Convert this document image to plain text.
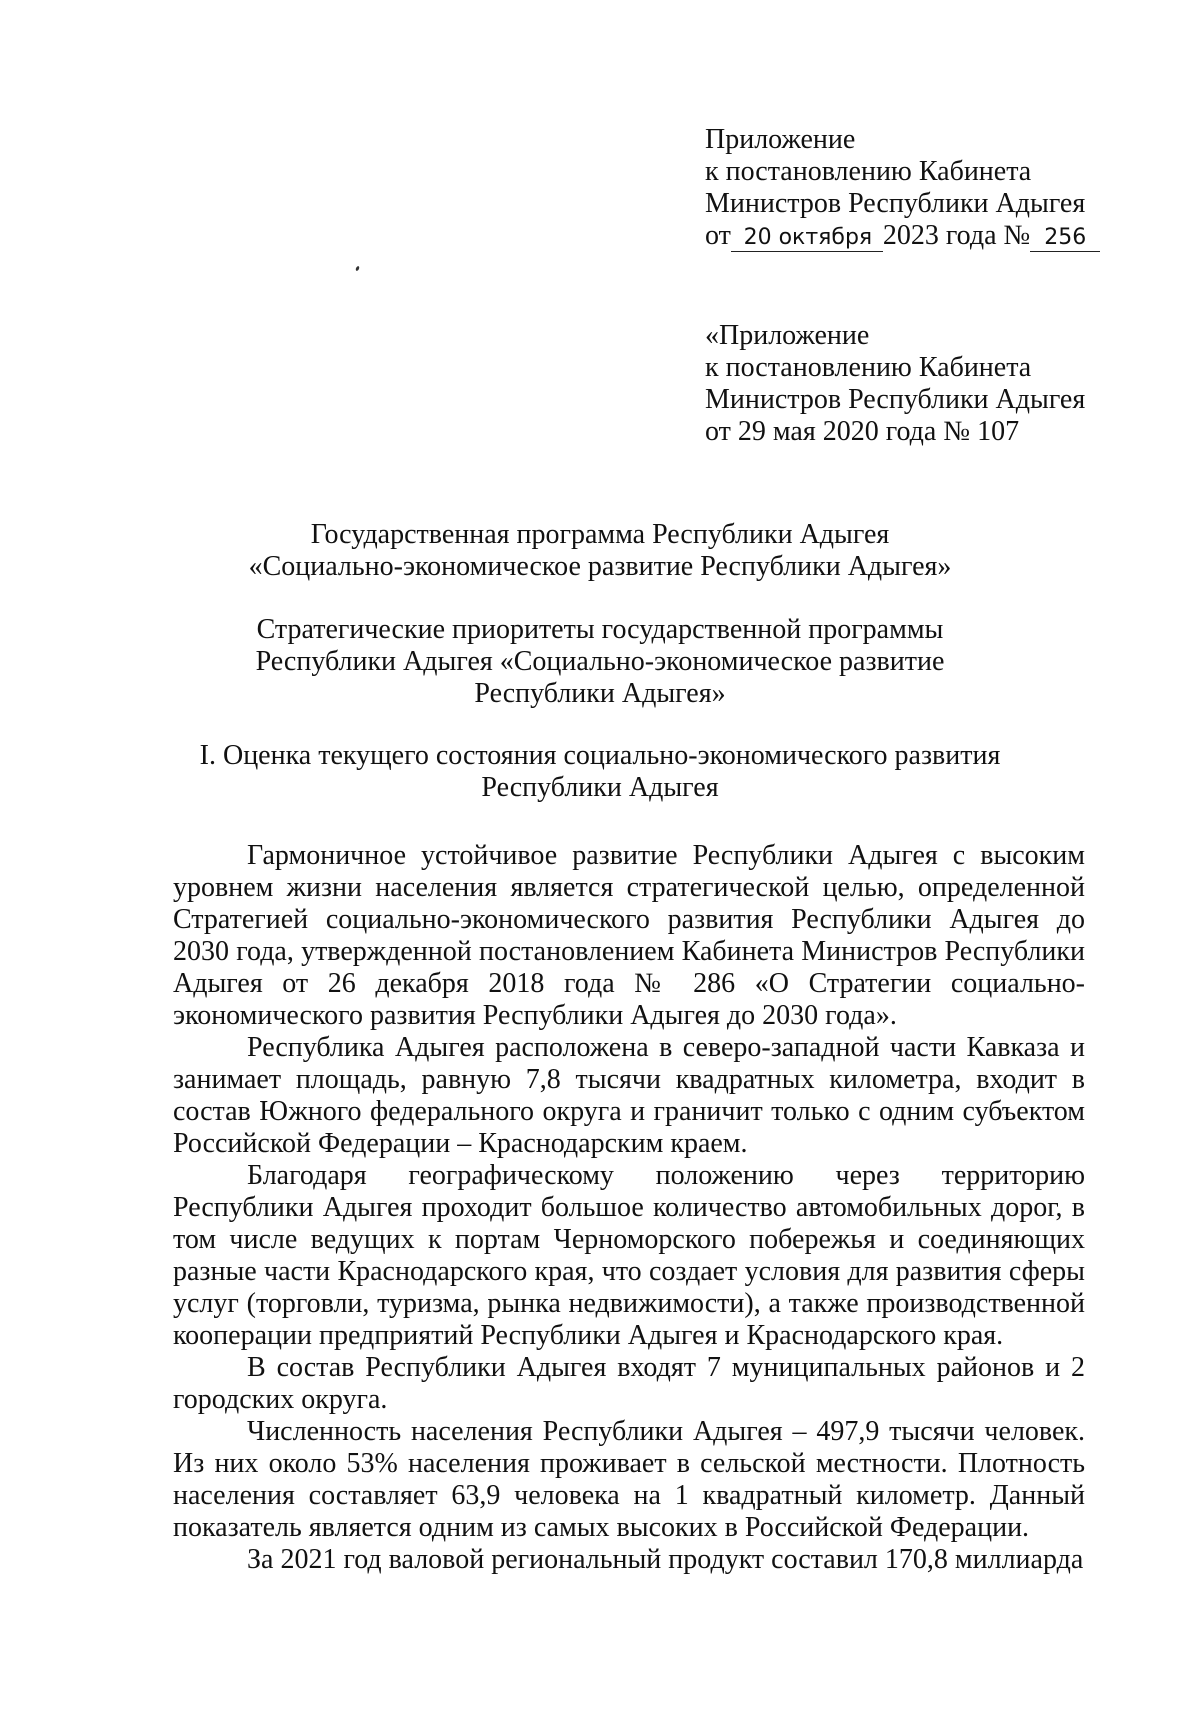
Приложение
к постановлению Кабинета
Министров Республики Адыгея
от 20 октября 2023 года № 256
«Приложение
к постановлению Кабинета
Министров Республики Адыгея
от 29 мая 2020 года № 107
Государственная программа Республики Адыгея
«Социально-экономическое развитие Республики Адыгея»
Стратегические приоритеты государственной программы
Республики Адыгея «Социально-экономическое развитие
Республики Адыгея»
I. Оценка текущего состояния социально-экономического развития
Республики Адыгея

Гармоничное устойчивое развитие Республики Адыгея с высоким уровнем жизни населения является стратегической целью, определенной Стратегией социально-экономического развития Республики Адыгея до 2030 года, утвержденной постановлением Кабинета Министров Республики Адыгея от 26 декабря 2018 года № 286 «О Стратегии социально-экономического развития Республики Адыгея до 2030 года».

Республика Адыгея расположена в северо-западной части Кавказа и занимает площадь, равную 7,8 тысячи квадратных километра, входит в состав Южного федерального округа и граничит только с одним субъектом Российской Федерации – Краснодарским краем.

Благодаря географическому положению через территорию Республики Адыгея проходит большое количество автомобильных дорог, в том числе ведущих к портам Черноморского побережья и соединяющих разные части Краснодарского края, что создает условия для развития сферы услуг (торговли, туризма, рынка недвижимости), а также производственной кооперации предприятий Республики Адыгея и Краснодарского края.

В состав Республики Адыгея входят 7 муниципальных районов и 2 городских округа.

Численность населения Республики Адыгея – 497,9 тысячи человек. Из них около 53% населения проживает в сельской местности. Плотность населения составляет 63,9 человека на 1 квадратный километр. Данный показатель является одним из самых высоких в Российской Федерации.

За 2021 год валовой региональный продукт составил 170,8 миллиарда
